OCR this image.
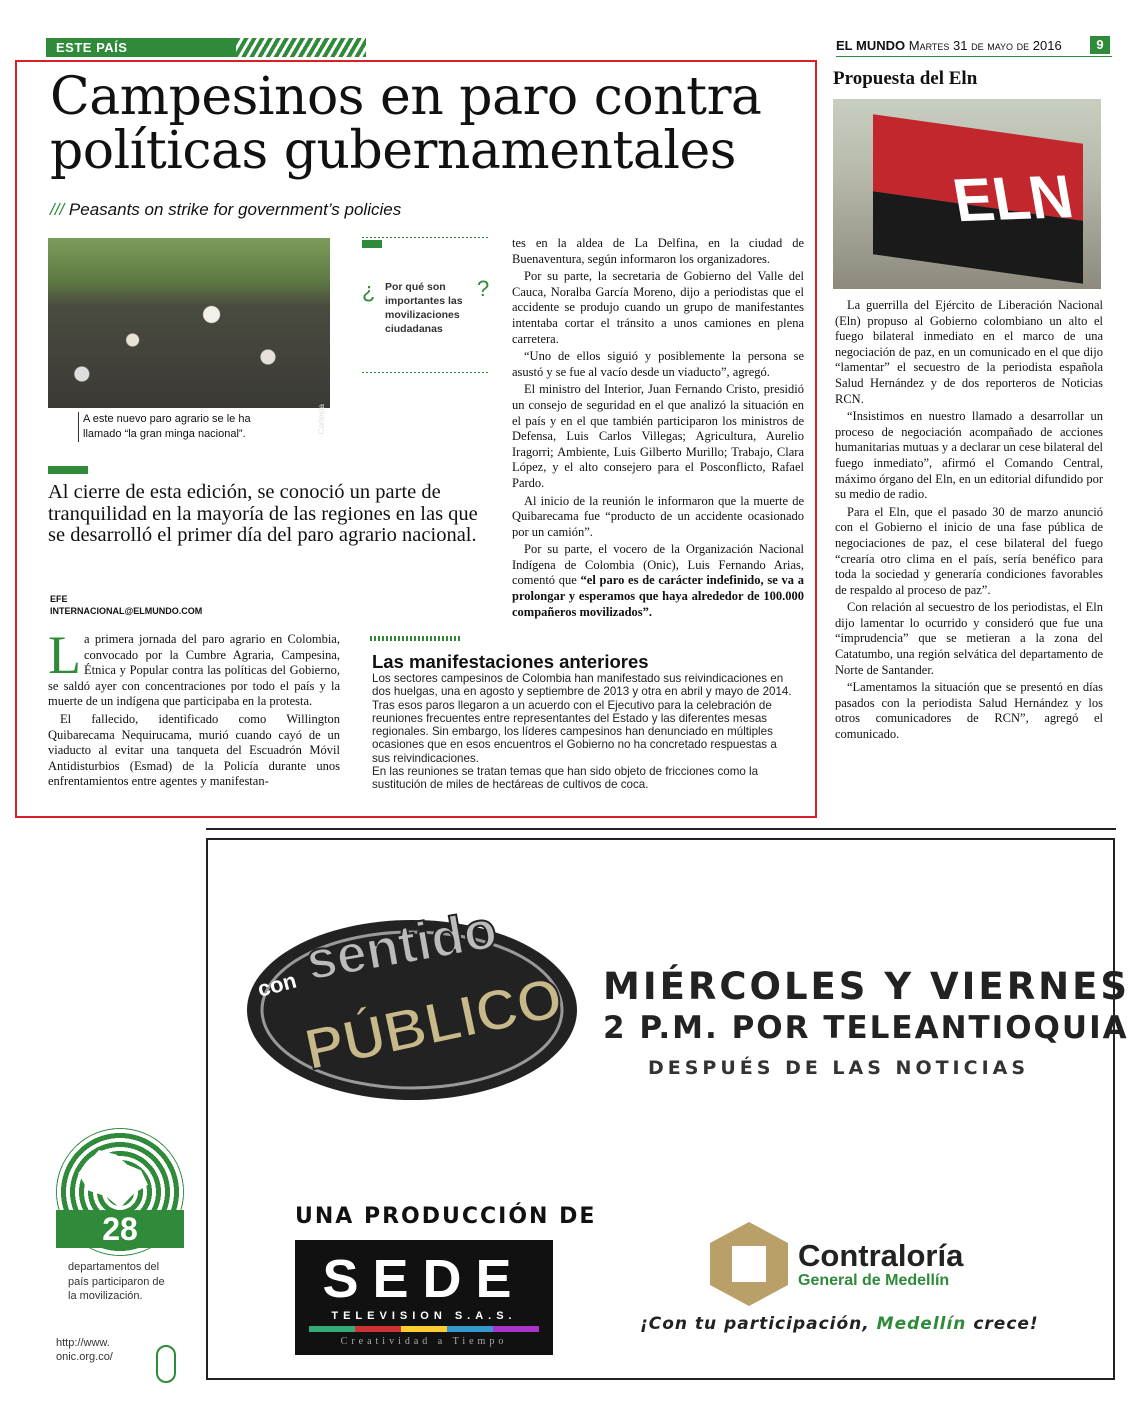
ESTE PAÍS	EL MUNDO Martes 31 de mayo de 2016	9
Campesinos en paro contra
políticas gubernamentales
/// Peasants on strike for government’s policies
Cortesía
A este nuevo paro agrario se le ha
llamado “la gran minga nacional”.
¿ Por qué son importantes las movilizaciones ciudadanas
?
Al cierre de esta edición, se conoció un parte de tranquilidad en la mayoría de las regiones en las que se desarrolló el primer día del paro agrario nacional.
EFE
INTERNACIONAL@ELMUNDO.COM

La primera jornada del paro agrario en Colombia, convocado por la Cumbre Agraria, Campesina, Étnica y Popular contra las políticas del Gobierno, se saldó ayer con concentraciones por todo el país y la muerte de un indígena que participaba en la protesta.

El fallecido, identificado como Willington Quibarecama Nequirucama, murió cuando cayó de un viaducto al evitar una tanqueta del Escuadrón Móvil Antidisturbios (Esmad) de la Policía durante unos enfrentamientos entre agentes y manifestan-

tes en la aldea de La Delfina, en la ciudad de Buenaventura, según informaron los organizadores.

Por su parte, la secretaria de Gobierno del Valle del Cauca, Noralba García Moreno, dijo a periodistas que el accidente se produjo cuando un grupo de manifestantes intentaba cortar el tránsito a unos camiones en plena carretera.

“Uno de ellos siguió y posiblemente la persona se asustó y se fue al vacío desde un viaducto”, agregó.

El ministro del Interior, Juan Fernando Cristo, presidió un consejo de seguridad en el que analizó la situación en el país y en el que también participaron los ministros de Defensa, Luis Carlos Villegas; Agricultura, Aurelio Iragorri; Ambiente, Luis Gilberto Murillo; Trabajo, Clara López, y el alto consejero para el Posconflicto, Rafael Pardo.

Al inicio de la reunión le informaron que la muerte de Quibarecama fue “producto de un accidente ocasionado por un camión”.

Por su parte, el vocero de la Organización Nacional Indígena de Colombia (Onic), Luis Fernando Arias, comentó que “el paro es de carácter indefinido, se va a prolongar y esperamos que haya alrededor de 100.000 compañeros movilizados”.

Las manifestaciones anteriores
Los sectores campesinos de Colombia han manifestado sus reivindicaciones en dos huelgas, una en agosto y septiembre de 2013 y otra en abril y mayo de 2014. Tras esos paros llegaron a un acuerdo con el Ejecutivo para la celebración de reuniones frecuentes entre representantes del Estado y las diferentes mesas regionales. Sin embargo, los líderes campesinos han denunciado en múltiples ocasiones que en esos encuentros el Gobierno no ha concretado respuestas a sus reivindicaciones.
En las reuniones se tratan temas que han sido objeto de fricciones como la sustitución de miles de hectáreas de cultivos de coca.
Propuesta del Eln
ELN

La guerrilla del Ejército de Liberación Nacional (Eln) propuso al Gobierno colombiano un alto el fuego bilateral inmediato en el marco de una negociación de paz, en un comunicado en el que dijo “lamentar” el secuestro de la periodista española Salud Hernández y de dos reporteros de Noticias RCN.

“Insistimos en nuestro llamado a desarrollar un proceso de negociación acompañado de acciones humanitarias mutuas y a declarar un cese bilateral del fuego inmediato”, afirmó el Comando Central, máximo órgano del Eln, en un editorial difundido por su medio de radio.

Para el Eln, que el pasado 30 de marzo anunció con el Gobierno el inicio de una fase pública de negociaciones de paz, el cese bilateral del fuego “crearía otro clima en el país, sería benéfico para toda la sociedad y generaría condiciones favorables de respaldo al proceso de paz”.

Con relación al secuestro de los periodistas, el Eln dijo lamentar lo ocurrido y consideró que fue una “imprudencia” que se metieran a la zona del Catatumbo, una región selvática del departamento de Norte de Santander.

“Lamentamos la situación que se presentó en días pasados con la periodista Salud Hernández y los otros comunicadores de RCN”, agregó el comunicado.

28
departamentos del país participaron de la movilización.
http://www.
onic.org.co/
con sentido
PÚBLICO MIÉRCOLES Y VIERNES
2 P.M. POR TELEANTIOQUIA
DESPUÉS DE LAS NOTICIAS
UNA PRODUCCIÓN DE
SEDE
TELEVISION S.A.S.
Creatividad a Tiempo
Contraloría
General de Medellín
¡Con tu participación, Medellín crece!
